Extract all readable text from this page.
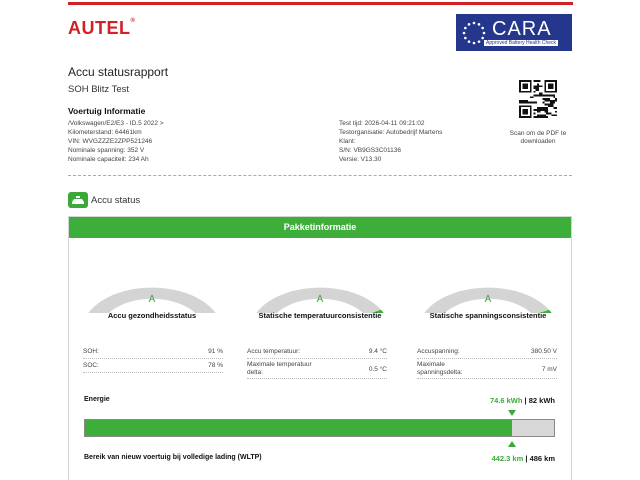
AUTEL®	CARA
Approved Battery Health Check
Accu statusrapport
SOH Blitz Test
Voertuig Informatie
/Volkswagen/E2/E3 - ID.5 2022 >
Kilometerstand: 64461km
VIN: WVGZZZE2ZPP521246
Nominale spanning: 352 V
Nominale capaciteit: 234 Ah
Test tijd: 2026-04-11 09:21:02
Testorganisatie: Autobedrijf Martens
Klant:
S/N: VB9GS3C01136
Versie: V13.30
Scan om de PDF te downloaden
Accu status
Pakketinformatie
A
Accu gezondheidsstatus
A
Statische temperatuurconsistentie
A
Statische spanningsconsistentie
SOH:	91 %
SOC:	78 %
Accu temperatuur:	9.4 °C
Maximale temperatuur delta:	0.5 °C
Accuspanning:	380.50 V
Maximale spanningsdelta:	7 mV
Energie	74.6 kWh | 82 kWh
Bereik van nieuw voertuig bij volledige lading (WLTP)	442.3 km | 486 km
